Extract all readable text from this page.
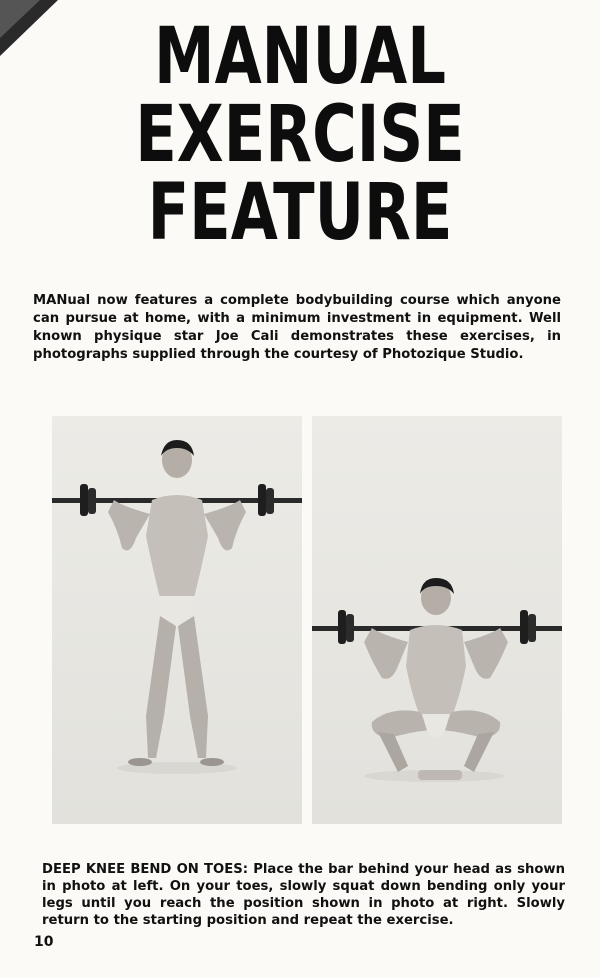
MANUAL
EXERCISE
FEATURE

MANual now features a complete bodybuilding course which anyone can pursue at home, with a minimum investment in equipment. Well known physique star Joe Cali demonstrates these exercises, in photographs supplied through the courtesy of Photozique Studio.

DEEP KNEE BEND ON TOES: Place the bar behind your head as shown in photo at left. On your toes, slowly squat down bending only your legs until you reach the position shown in photo at right. Slowly return to the starting position and repeat the exercise.

10
